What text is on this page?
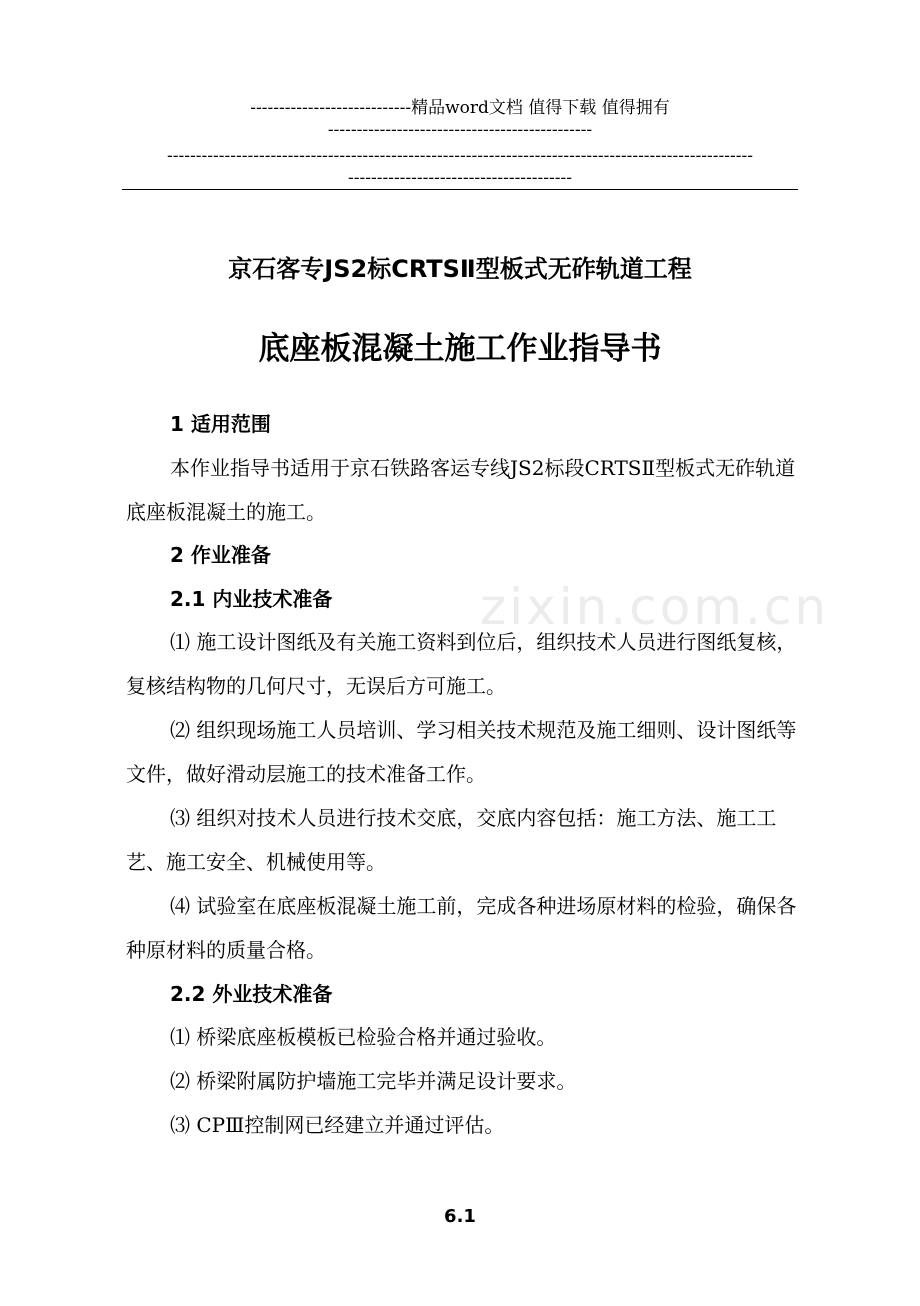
----------------------------精品word文档 值得下载 值得拥有
----------------------------------------------
------------------------------------------------------------------------------------------------------
---------------------------------------
zixin.com.cn
京石客专JS2标CRTSⅡ型板式无砟轨道工程
底座板混凝土施工作业指导书
1 适用范围
本作业指导书适用于京石铁路客运专线JS2标段CRTSⅡ型板式无砟轨道底座板混凝土的施工。
2 作业准备
2.1 内业技术准备
⑴ 施工设计图纸及有关施工资料到位后，组织技术人员进行图纸复核，复核结构物的几何尺寸，无误后方可施工。
⑵ 组织现场施工人员培训、学习相关技术规范及施工细则、设计图纸等文件，做好滑动层施工的技术准备工作。
⑶ 组织对技术人员进行技术交底，交底内容包括：施工方法、施工工艺、施工安全、机械使用等。
⑷ 试验室在底座板混凝土施工前，完成各种进场原材料的检验，确保各种原材料的质量合格。
2.2 外业技术准备
⑴ 桥梁底座板模板已检验合格并通过验收。
⑵ 桥梁附属防护墙施工完毕并满足设计要求。
⑶ CPⅢ控制网已经建立并通过评估。
6.1
